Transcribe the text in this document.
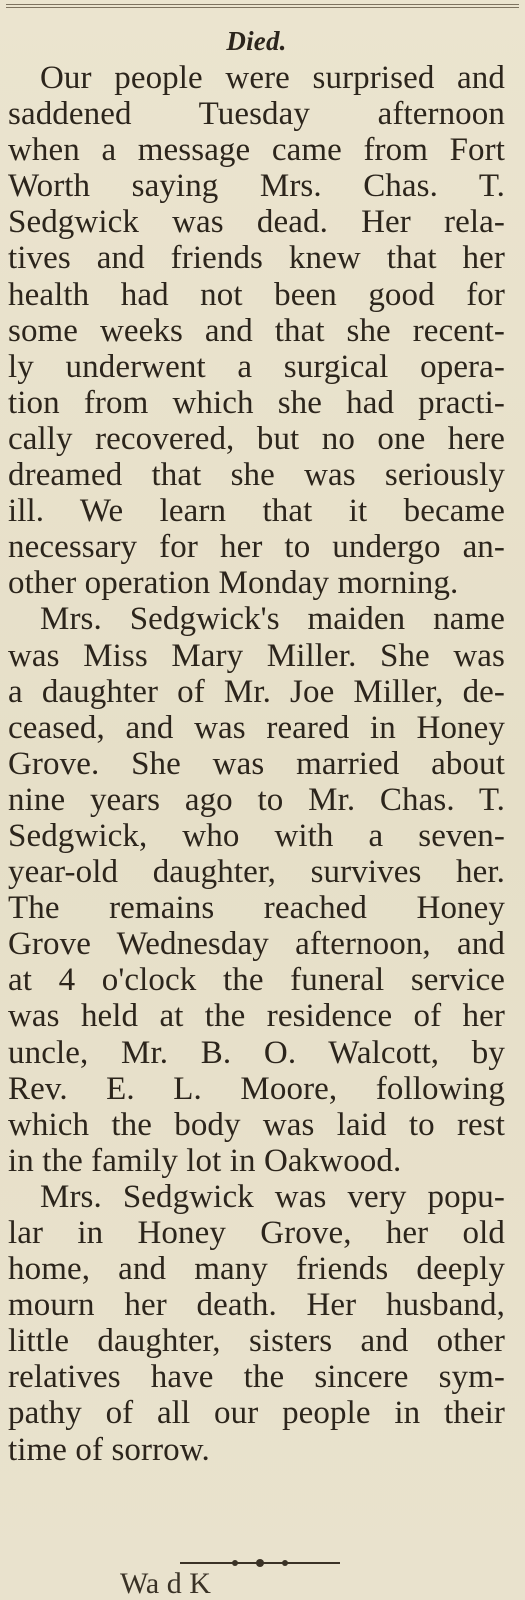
Died.
Our people were surprised and
saddened Tuesday afternoon
when a message came from Fort
Worth saying Mrs. Chas. T.
Sedgwick was dead. Her rela-
tives and friends knew that her
health had not been good for
some weeks and that she recent-
ly underwent a surgical opera-
tion from which she had practi-
cally recovered, but no one here
dreamed that she was seriously
ill. We learn that it became
necessary for her to undergo an-
other operation Monday morning.
Mrs. Sedgwick's maiden name
was Miss Mary Miller. She was
a daughter of Mr. Joe Miller, de-
ceased, and was reared in Honey
Grove. She was married about
nine years ago to Mr. Chas. T.
Sedgwick, who with a seven-
year-old daughter, survives her.
The remains reached Honey
Grove Wednesday afternoon, and
at 4 o'clock the funeral service
was held at the residence of her
uncle, Mr. B. O. Walcott, by
Rev. E. L. Moore, following
which the body was laid to rest
in the family lot in Oakwood.
Mrs. Sedgwick was very popu-
lar in Honey Grove, her old
home, and many friends deeply
mourn her death. Her husband,
little daughter, sisters and other
relatives have the sincere sym-
pathy of all our people in their
time of sorrow.
Wa d K
